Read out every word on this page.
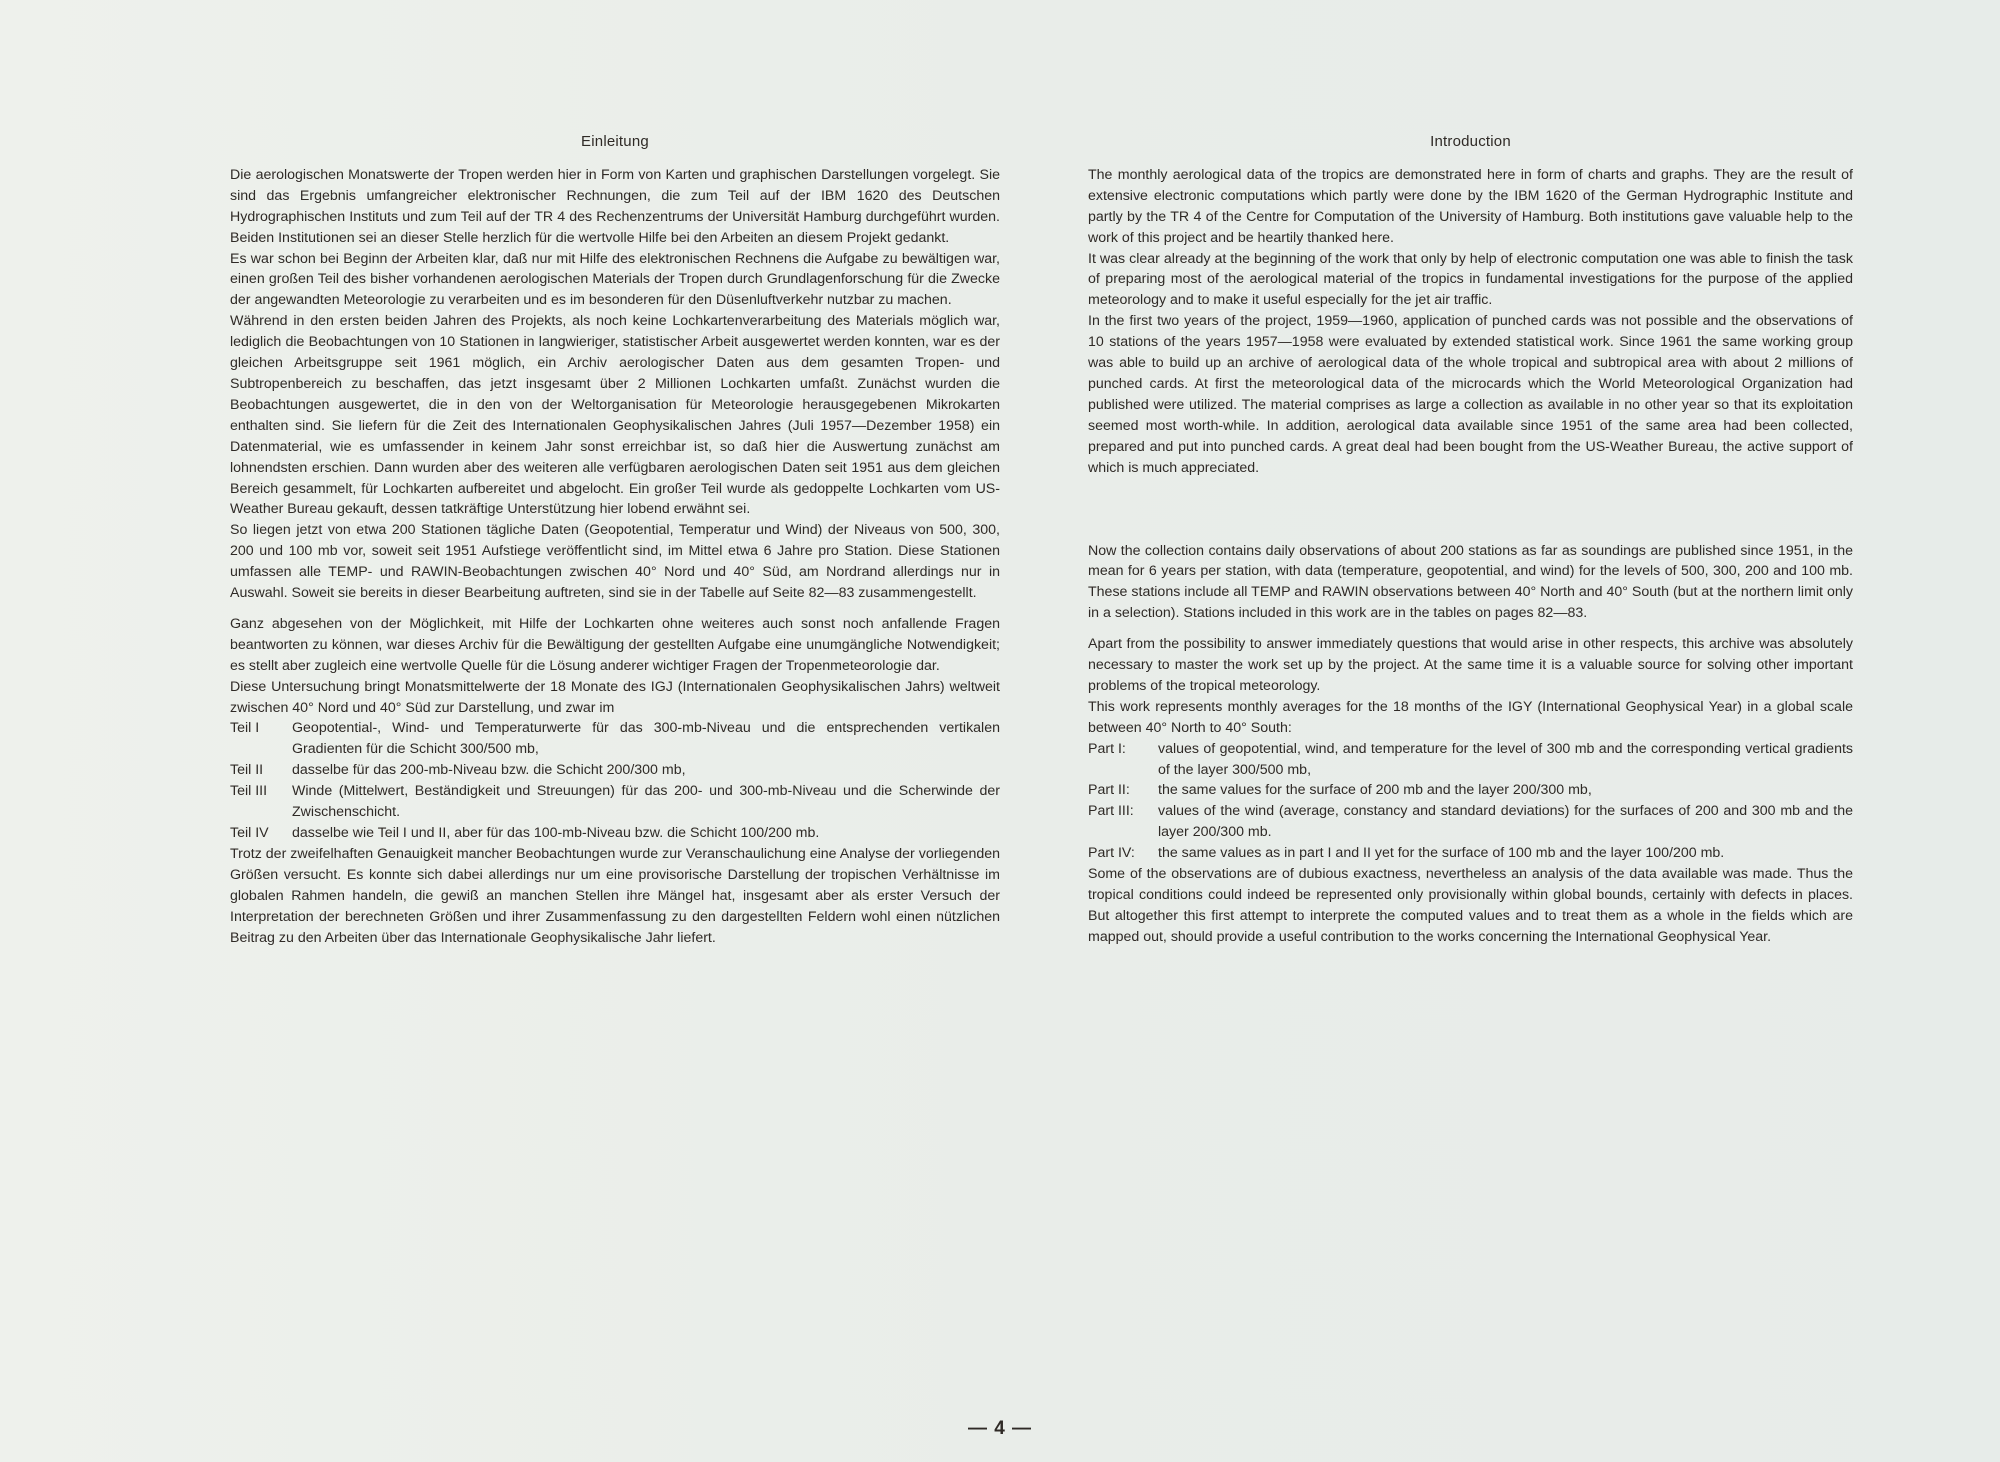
Einleitung

Die aerologischen Monatswerte der Tropen werden hier in Form von Karten und graphischen Darstellungen vorgelegt. Sie sind das Ergebnis umfangreicher elektronischer Rechnungen, die zum Teil auf der IBM 1620 des Deutschen Hydrographischen Instituts und zum Teil auf der TR 4 des Rechenzentrums der Universität Hamburg durchgeführt wurden. Beiden Institutionen sei an dieser Stelle herzlich für die wertvolle Hilfe bei den Arbeiten an diesem Projekt gedankt.

Es war schon bei Beginn der Arbeiten klar, daß nur mit Hilfe des elektronischen Rechnens die Aufgabe zu bewältigen war, einen großen Teil des bisher vorhandenen aerologischen Materials der Tropen durch Grundlagenforschung für die Zwecke der angewandten Meteorologie zu verarbeiten und es im besonderen für den Düsenluftverkehr nutzbar zu machen.

Während in den ersten beiden Jahren des Projekts, als noch keine Lochkartenverarbeitung des Materials möglich war, lediglich die Beobachtungen von 10 Stationen in langwieriger, statistischer Arbeit ausgewertet werden konnten, war es der gleichen Arbeitsgruppe seit 1961 möglich, ein Archiv aerologischer Daten aus dem gesamten Tropen- und Subtropenbereich zu beschaffen, das jetzt insgesamt über 2 Millionen Lochkarten umfaßt. Zunächst wurden die Beobachtungen ausgewertet, die in den von der Weltorganisation für Meteorologie herausgegebenen Mikrokarten enthalten sind. Sie liefern für die Zeit des Internationalen Geophysikalischen Jahres (Juli 1957—Dezember 1958) ein Datenmaterial, wie es umfassender in keinem Jahr sonst erreichbar ist, so daß hier die Auswertung zunächst am lohnendsten erschien. Dann wurden aber des weiteren alle verfügbaren aerologischen Daten seit 1951 aus dem gleichen Bereich gesammelt, für Lochkarten aufbereitet und abgelocht. Ein großer Teil wurde als gedoppelte Lochkarten vom US-Weather Bureau gekauft, dessen tatkräftige Unterstützung hier lobend erwähnt sei.

So liegen jetzt von etwa 200 Stationen tägliche Daten (Geopotential, Temperatur und Wind) der Niveaus von 500, 300, 200 und 100 mb vor, soweit seit 1951 Aufstiege veröffentlicht sind, im Mittel etwa 6 Jahre pro Station. Diese Stationen umfassen alle TEMP- und RAWIN-Beobachtungen zwischen 40° Nord und 40° Süd, am Nordrand allerdings nur in Auswahl. Soweit sie bereits in dieser Bearbeitung auftreten, sind sie in der Tabelle auf Seite 82—83 zusammengestellt.

Ganz abgesehen von der Möglichkeit, mit Hilfe der Lochkarten ohne weiteres auch sonst noch anfallende Fragen beantworten zu können, war dieses Archiv für die Bewältigung der gestellten Aufgabe eine unumgängliche Notwendigkeit; es stellt aber zugleich eine wertvolle Quelle für die Lösung anderer wichtiger Fragen der Tropenmeteorologie dar.

Diese Untersuchung bringt Monatsmittelwerte der 18 Monate des IGJ (Internationalen Geophysikalischen Jahrs) weltweit zwischen 40° Nord und 40° Süd zur Darstellung, und zwar im

Teil I	Geopotential-, Wind- und Temperaturwerte für das 300-mb-Niveau und die entsprechenden vertikalen Gradienten für die Schicht 300/500 mb,
Teil II	dasselbe für das 200-mb-Niveau bzw. die Schicht 200/300 mb,
Teil III	Winde (Mittelwert, Beständigkeit und Streuungen) für das 200- und 300-mb-Niveau und die Scherwinde der Zwischenschicht.
Teil IV	dasselbe wie Teil I und II, aber für das 100-mb-Niveau bzw. die Schicht 100/200 mb.

Trotz der zweifelhaften Genauigkeit mancher Beobachtungen wurde zur Veranschaulichung eine Analyse der vorliegenden Größen versucht. Es konnte sich dabei allerdings nur um eine provisorische Darstellung der tropischen Verhältnisse im globalen Rahmen handeln, die gewiß an manchen Stellen ihre Mängel hat, insgesamt aber als erster Versuch der Interpretation der berechneten Größen und ihrer Zusammenfassung zu den dargestellten Feldern wohl einen nützlichen Beitrag zu den Arbeiten über das Internationale Geophysikalische Jahr liefert.

Introduction

The monthly aerological data of the tropics are demonstrated here in form of charts and graphs. They are the result of extensive electronic computations which partly were done by the IBM 1620 of the German Hydrographic Institute and partly by the TR 4 of the Centre for Computation of the University of Hamburg. Both institutions gave valuable help to the work of this project and be heartily thanked here.

It was clear already at the beginning of the work that only by help of electronic computation one was able to finish the task of preparing most of the aerological material of the tropics in fundamental investigations for the purpose of the applied meteorology and to make it useful especially for the jet air traffic.

In the first two years of the project, 1959—1960, application of punched cards was not possible and the observations of 10 stations of the years 1957—1958 were evaluated by extended statistical work. Since 1961 the same working group was able to build up an archive of aerological data of the whole tropical and subtropical area with about 2 millions of punched cards. At first the meteorological data of the microcards which the World Meteorological Organization had published were utilized. The material comprises as large a collection as available in no other year so that its exploitation seemed most worth-while. In addition, aerological data available since 1951 of the same area had been collected, prepared and put into punched cards. A great deal had been bought from the US-Weather Bureau, the active support of which is much appreciated.

Now the collection contains daily observations of about 200 stations as far as soundings are published since 1951, in the mean for 6 years per station, with data (temperature, geopotential, and wind) for the levels of 500, 300, 200 and 100 mb. These stations include all TEMP and RAWIN observations between 40° North and 40° South (but at the northern limit only in a selection). Stations included in this work are in the tables on pages 82—83.

Apart from the possibility to answer immediately questions that would arise in other respects, this archive was absolutely necessary to master the work set up by the project. At the same time it is a valuable source for solving other important problems of the tropical meteorology.

This work represents monthly averages for the 18 months of the IGY (International Geophysical Year) in a global scale between 40° North to 40° South:

Part I:	values of geopotential, wind, and temperature for the level of 300 mb and the corresponding vertical gradients of the layer 300/500 mb,
Part II:	the same values for the surface of 200 mb and the layer 200/300 mb,
Part III:	values of the wind (average, constancy and standard deviations) for the surfaces of 200 and 300 mb and the layer 200/300 mb.
Part IV:	the same values as in part I and II yet for the surface of 100 mb and the layer 100/200 mb.

Some of the observations are of dubious exactness, nevertheless an analysis of the data available was made. Thus the tropical conditions could indeed be represented only provisionally within global bounds, certainly with defects in places. But altogether this first attempt to interprete the computed values and to treat them as a whole in the fields which are mapped out, should provide a useful contribution to the works concerning the International Geophysical Year.

— 4 —
